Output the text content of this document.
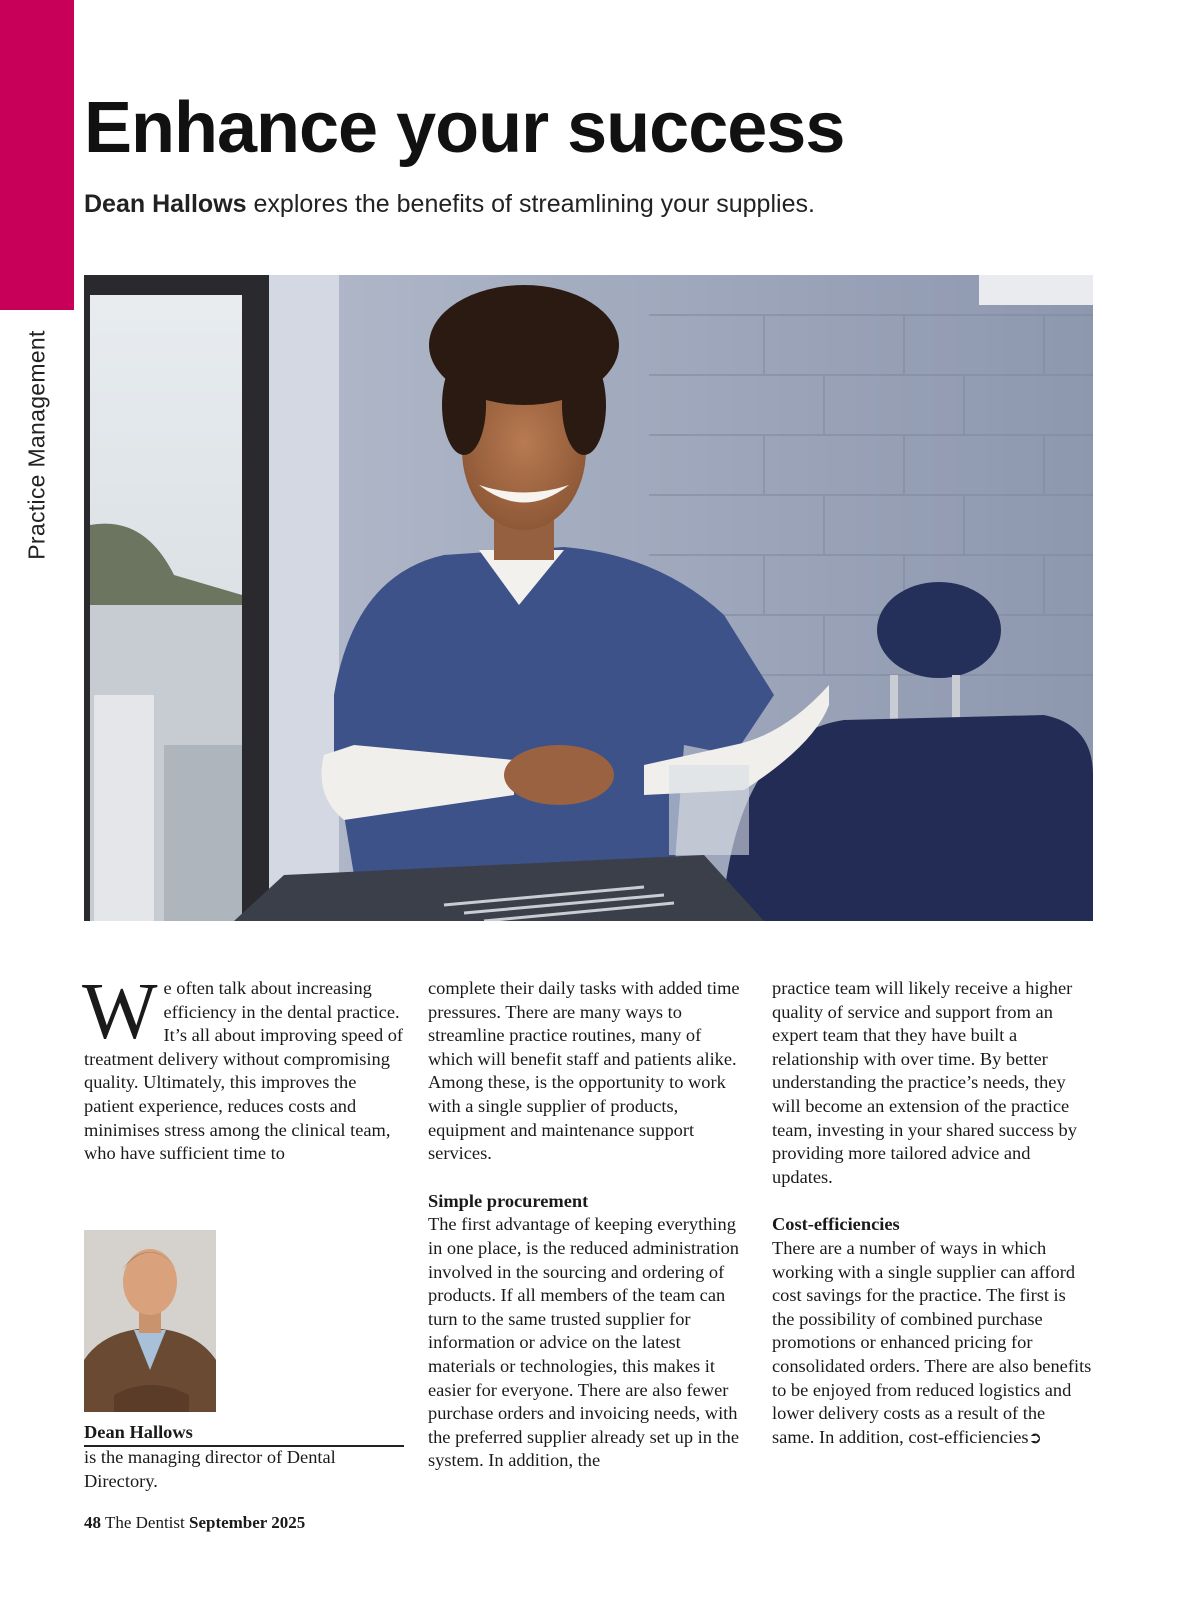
Practice Management
Enhance your success

Dean Hallows explores the benefits of streamlining your supplies.

We often talk about increasing efficiency in the dental practice. It’s all about improving speed of treatment delivery without compromising quality. Ultimately, this improves the patient experience, reduces costs and minimises stress among the clinical team, who have sufficient time to

Dean Hallows

is the managing director of Dental Directory.

complete their daily tasks with added time pressures. There are many ways to streamline practice routines, many of which will benefit staff and patients alike. Among these, is the opportunity to work with a single supplier of products, equipment and maintenance support services.

Simple procurement

The first advantage of keeping everything in one place, is the reduced administration involved in the sourcing and ordering of products. If all members of the team can turn to the same trusted supplier for information or advice on the latest materials or technologies, this makes it easier for everyone. There are also fewer purchase orders and invoicing needs, with the preferred supplier already set up in the system. In addition, the

practice team will likely receive a higher quality of service and support from an expert team that they have built a relationship with over time. By better understanding the practice’s needs, they will become an extension of the practice team, investing in your shared success by providing more tailored advice and updates.

Cost-efficiencies

There are a number of ways in which working with a single supplier can afford cost savings for the practice. The first is the possibility of combined purchase promotions or enhanced pricing for consolidated orders. There are also benefits to be enjoyed from reduced logistics and lower delivery costs as a result of the same. In addition, cost-efficiencies➲

48 The Dentist September 2025
